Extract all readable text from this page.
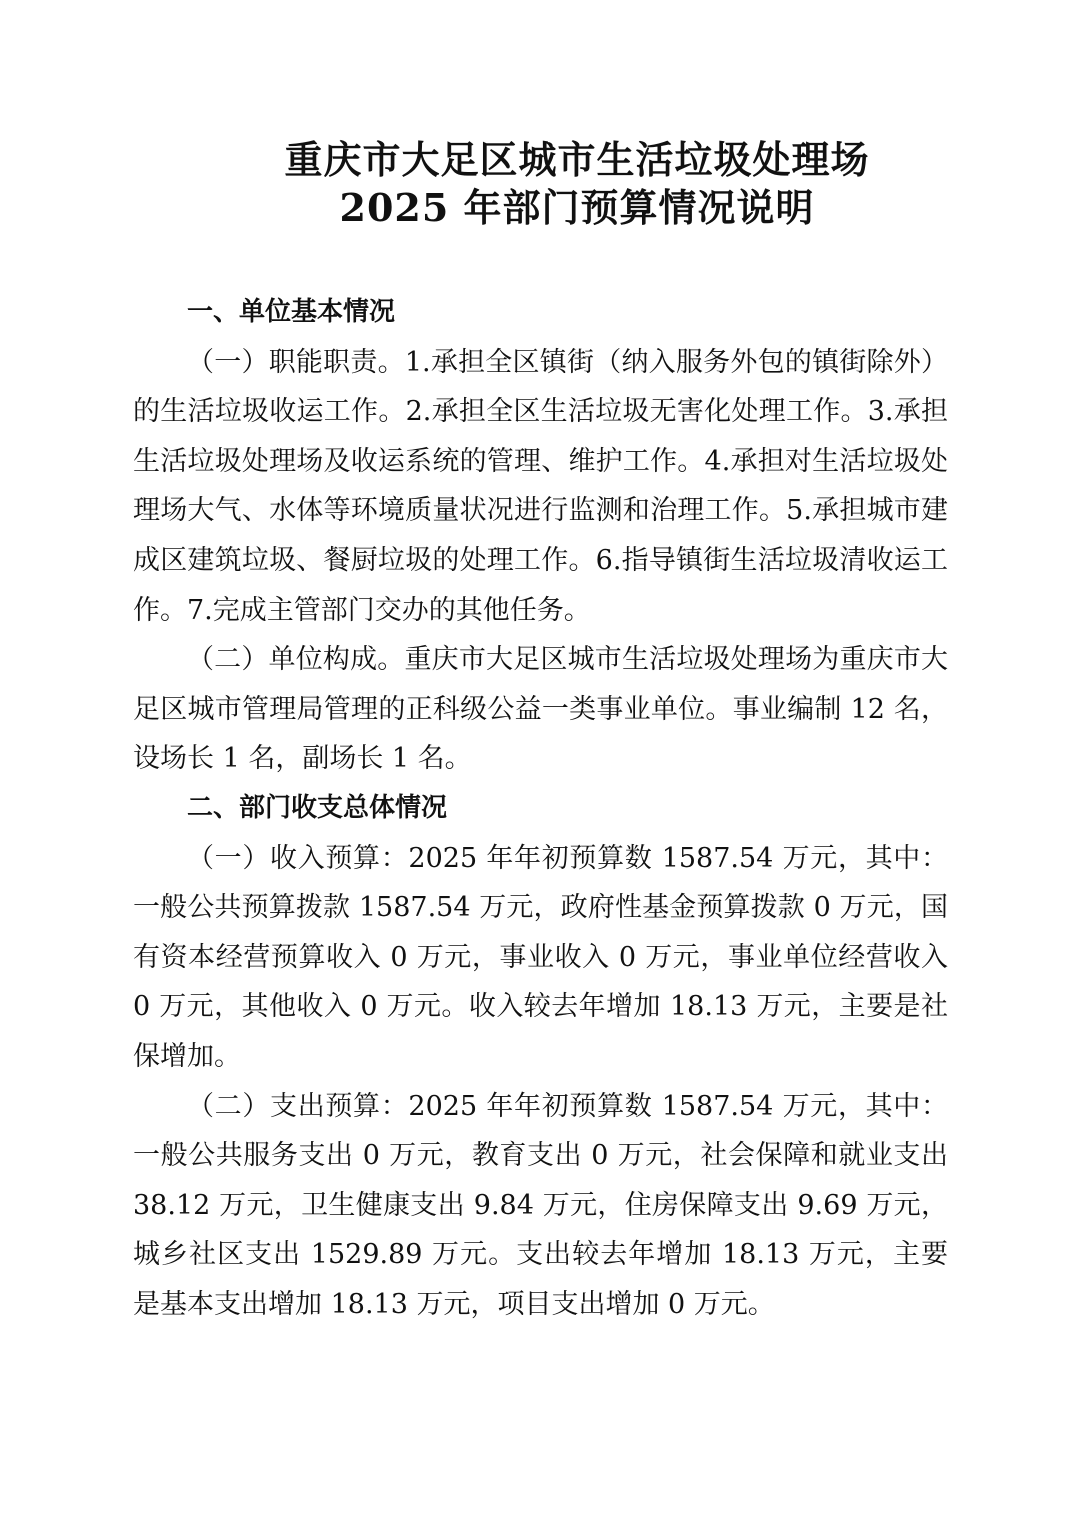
重庆市大足区城市生活垃圾处理场

2025 年部门预算情况说明

一、单位基本情况

（一）职能职责。1.承担全区镇街（纳入服务外包的镇街除外）的生活垃圾收运工作。2.承担全区生活垃圾无害化处理工作。3.承担生活垃圾处理场及收运系统的管理、维护工作。4.承担对生活垃圾处理场大气、水体等环境质量状况进行监测和治理工作。5.承担城市建成区建筑垃圾、餐厨垃圾的处理工作。6.指导镇街生活垃圾清收运工作。7.完成主管部门交办的其他任务。

（二）单位构成。重庆市大足区城市生活垃圾处理场为重庆市大足区城市管理局管理的正科级公益一类事业单位。事业编制 12 名，设场长 1 名，副场长 1 名。

二、部门收支总体情况

（一）收入预算：2025 年年初预算数 1587.54 万元，其中：一般公共预算拨款 1587.54 万元，政府性基金预算拨款 0 万元，国有资本经营预算收入 0 万元，事业收入 0 万元，事业单位经营收入 0 万元，其他收入 0 万元。收入较去年增加 18.13 万元，主要是社保增加。

（二）支出预算：2025 年年初预算数 1587.54 万元，其中：一般公共服务支出 0 万元，教育支出 0 万元，社会保障和就业支出 38.12 万元，卫生健康支出 9.84 万元，住房保障支出 9.69 万元，城乡社区支出 1529.89 万元。支出较去年增加 18.13 万元，主要是基本支出增加 18.13 万元，项目支出增加 0 万元。
